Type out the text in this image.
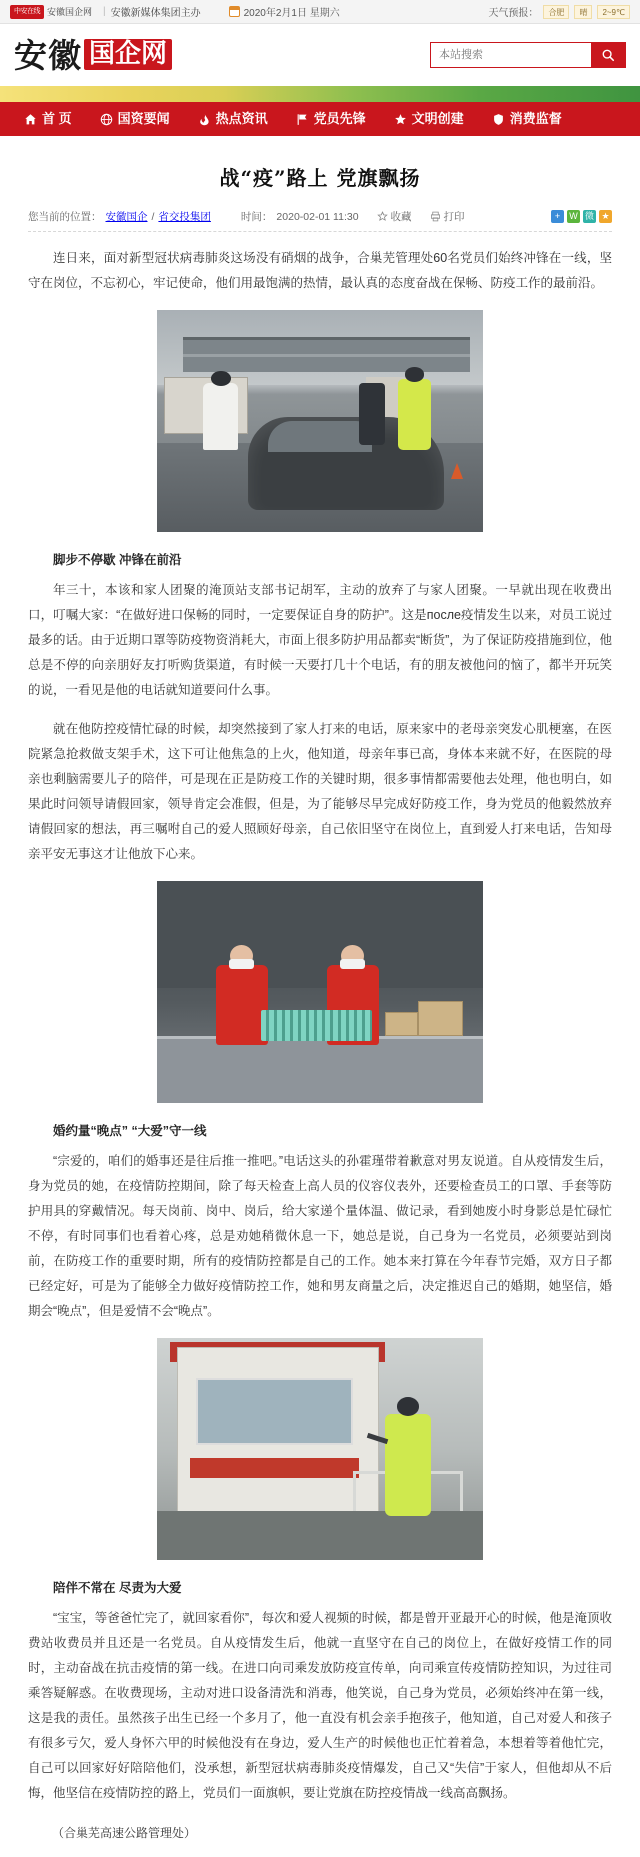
中安在线 安徽国企网 | 安徽新媒体集团主办	2020年2月1日 星期六	天气预报：	合肥	晴	2~9℃
安徽 国企网
本站搜索
首 页	国资要闻	热点资讯	党员先锋	文明创建	消费监督
战“疫”路上 党旗飘扬
您当前的位置： 安徽国企 / 省交投集团	时间： 2020-02-01 11:30	收藏	打印	+	W 微 ★

连日来，面对新型冠状病毒肺炎这场没有硝烟的战争，合巢芜管理处60名党员们始终冲锋在一线，坚守在岗位，不忘初心，牢记使命，他们用最饱满的热情，最认真的态度奋战在保畅、防疫工作的最前沿。

脚步不停歇 冲锋在前沿

年三十，本该和家人团聚的淹顶站支部书记胡军，主动的放弃了与家人团聚。一早就出现在收费出口，叮嘱大家：“在做好进口保畅的同时，一定要保证自身的防护”。这是после疫情发生以来，对员工说过最多的话。由于近期口罩等防疫物资消耗大，市面上很多防护用品都卖“断货”，为了保证防疫措施到位，他总是不停的向亲朋好友打听购货渠道，有时候一天要打几十个电话，有的朋友被他问的恼了，都半开玩笑的说，一看见是他的电话就知道要问什么事。

就在他防控疫情忙碌的时候，却突然接到了家人打来的电话，原来家中的老母亲突发心肌梗塞，在医院紧急抢救做支架手术，这下可让他焦急的上火，他知道，母亲年事已高，身体本来就不好，在医院的母亲也剩脑需要儿子的陪伴，可是现在正是防疫工作的关键时期，很多事情都需要他去处理，他也明白，如果此时问领导请假回家，领导肯定会准假，但是，为了能够尽早完成好防疫工作，身为党员的他毅然放弃请假回家的想法，再三嘱咐自己的爱人照顾好母亲，自己依旧坚守在岗位上，直到爱人打来电话，告知母亲平安无事这才让他放下心来。

婚约量“晚点” “大爱”守一线

“宗爱的，咱们的婚事还是往后推一推吧。”电话这头的孙霍瑾带着歉意对男友说道。自从疫情发生后，身为党员的她，在疫情防控期间，除了每天检查上高人员的仪容仪表外，还要检查员工的口罩、手套等防护用具的穿戴情况。每天岗前、岗中、岗后，给大家递个量体温、做记录，看到她废小时身影总是忙碌忙不停，有时同事们也看着心疼，总是劝她稍微休息一下，她总是说，自己身为一名党员，必须要站到岗前，在防疫工作的重要时期，所有的疫情防控都是自己的工作。她本来打算在今年春节完婚，双方日子都已经定好，可是为了能够全力做好疫情防控工作，她和男友商量之后，决定推迟自己的婚期，她坚信，婚期会“晚点”，但是爱情不会“晚点”。

陪伴不常在 尽责为大爱

“宝宝，等爸爸忙完了，就回家看你”，每次和爱人视频的时候，都是曾开亚最开心的时候，他是淹顶收费站收费员并且还是一名党员。自从疫情发生后，他就一直坚守在自己的岗位上，在做好疫情工作的同时，主动奋战在抗击疫情的第一线。在进口向司乘发放防疫宣传单，向司乘宣传疫情防控知识，为过往司乘答疑解惑。在收费现场，主动对进口设备清洗和消毒，他笑说，自己身为党员，必须始终冲在第一线，这是我的责任。虽然孩子出生已经一个多月了，他一直没有机会亲手抱孩子，他知道，自己对爱人和孩子有很多亏欠，爱人身怀六甲的时候他没有在身边，爱人生产的时候他也正忙着着急，本想着等着他忙完，自己可以回家好好陪陪他们，没承想，新型冠状病毒肺炎疫情爆发，自己又“失信”于家人，但他却从不后悔，他坚信在疫情防控的路上，党员们一面旗帜，要让党旗在防控疫情战一线高高飘扬。

（合巢芜高速公路管理处）
